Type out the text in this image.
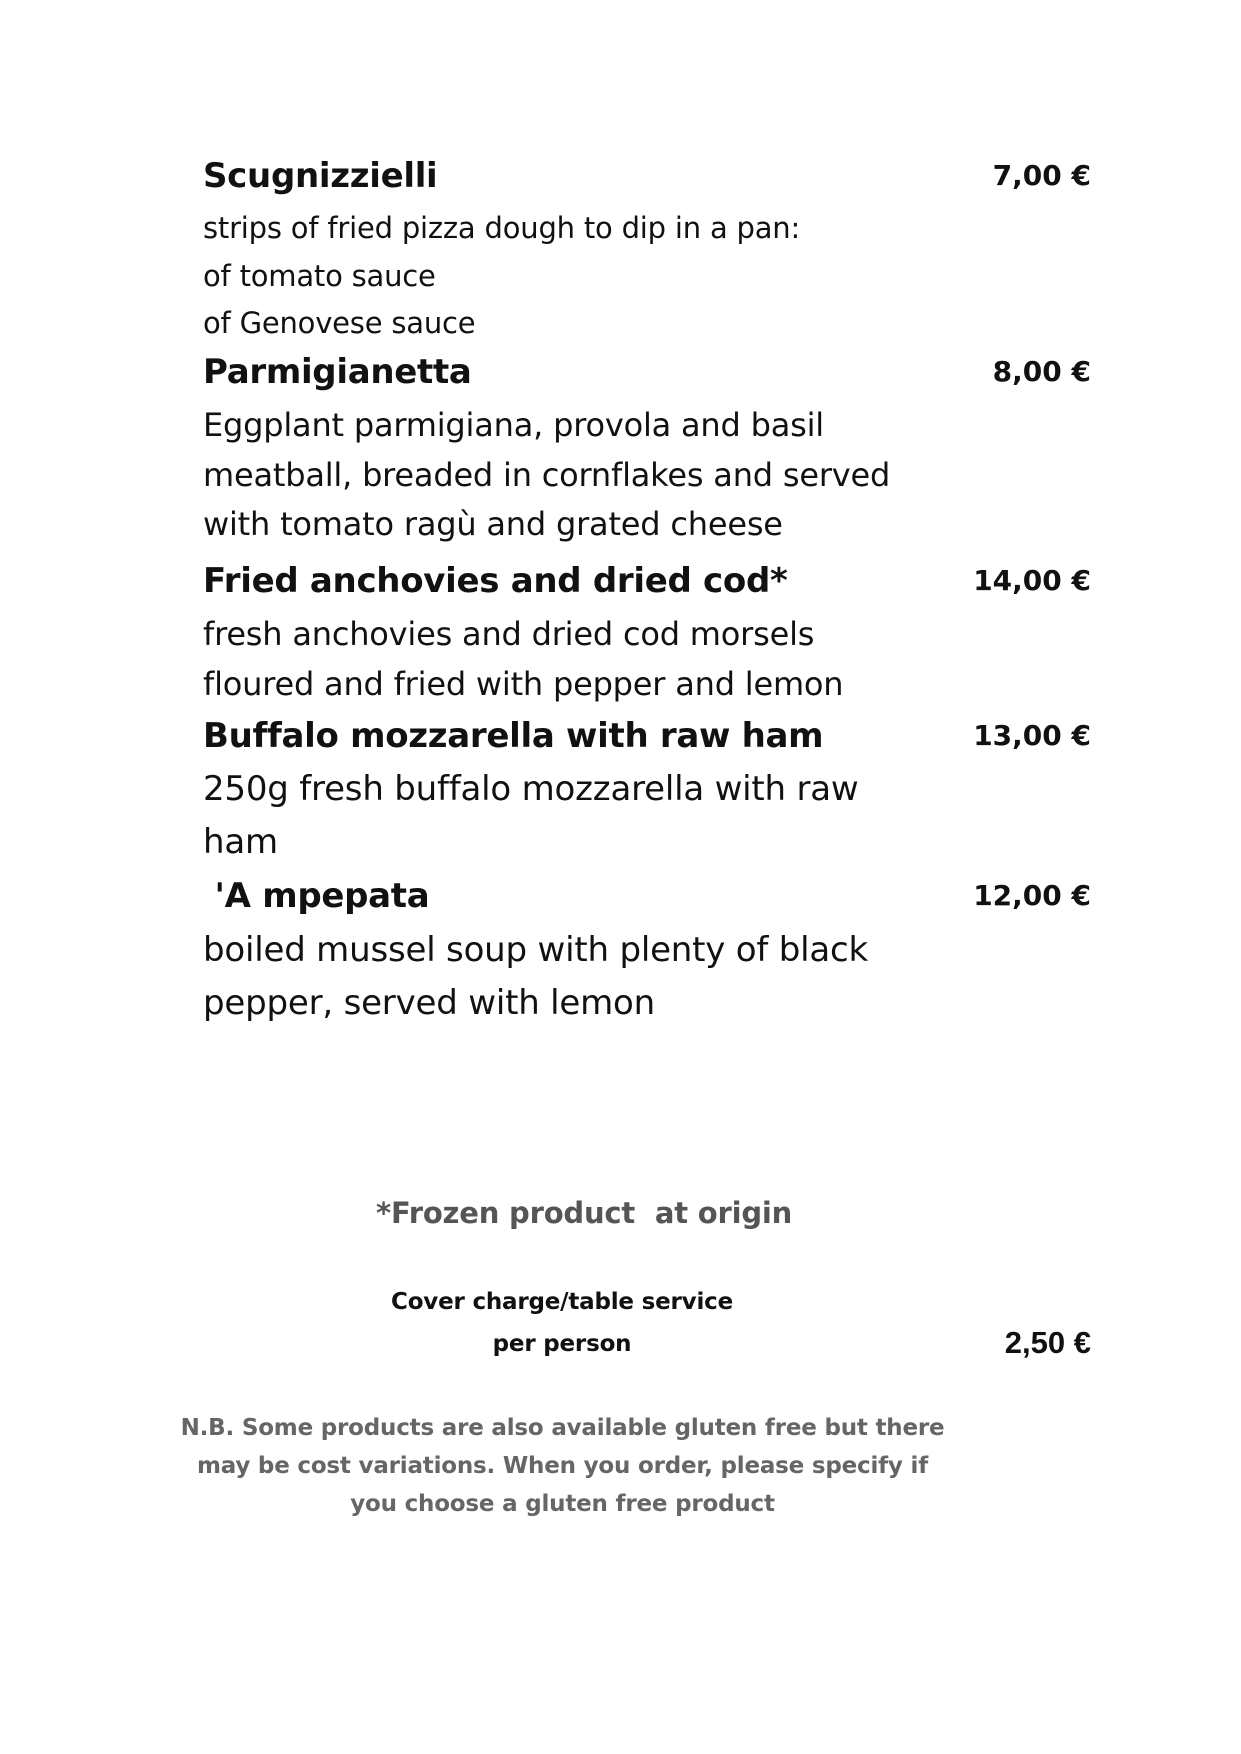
Scugnizzielli	7,00 €
strips of fried pizza dough to dip in a pan:
of tomato sauce
of Genovese sauce
Parmigianetta	8,00 €
Eggplant parmigiana, provola and basil
meatball, breaded in cornflakes and served
with tomato ragù and grated cheese
Fried anchovies and dried cod*	14,00 €
fresh anchovies and dried cod morsels
floured and fried with pepper and lemon
Buffalo mozzarella with raw ham	13,00 €
250g fresh buffalo mozzarella with raw
ham
'A mpepata	12,00 €
boiled mussel soup with plenty of black
pepper, served with lemon
*Frozen product  at origin
Cover charge/table service
per person	2,50 €
N.B. Some products are also available gluten free but there
may be cost variations. When you order, please specify if
you choose a gluten free product
